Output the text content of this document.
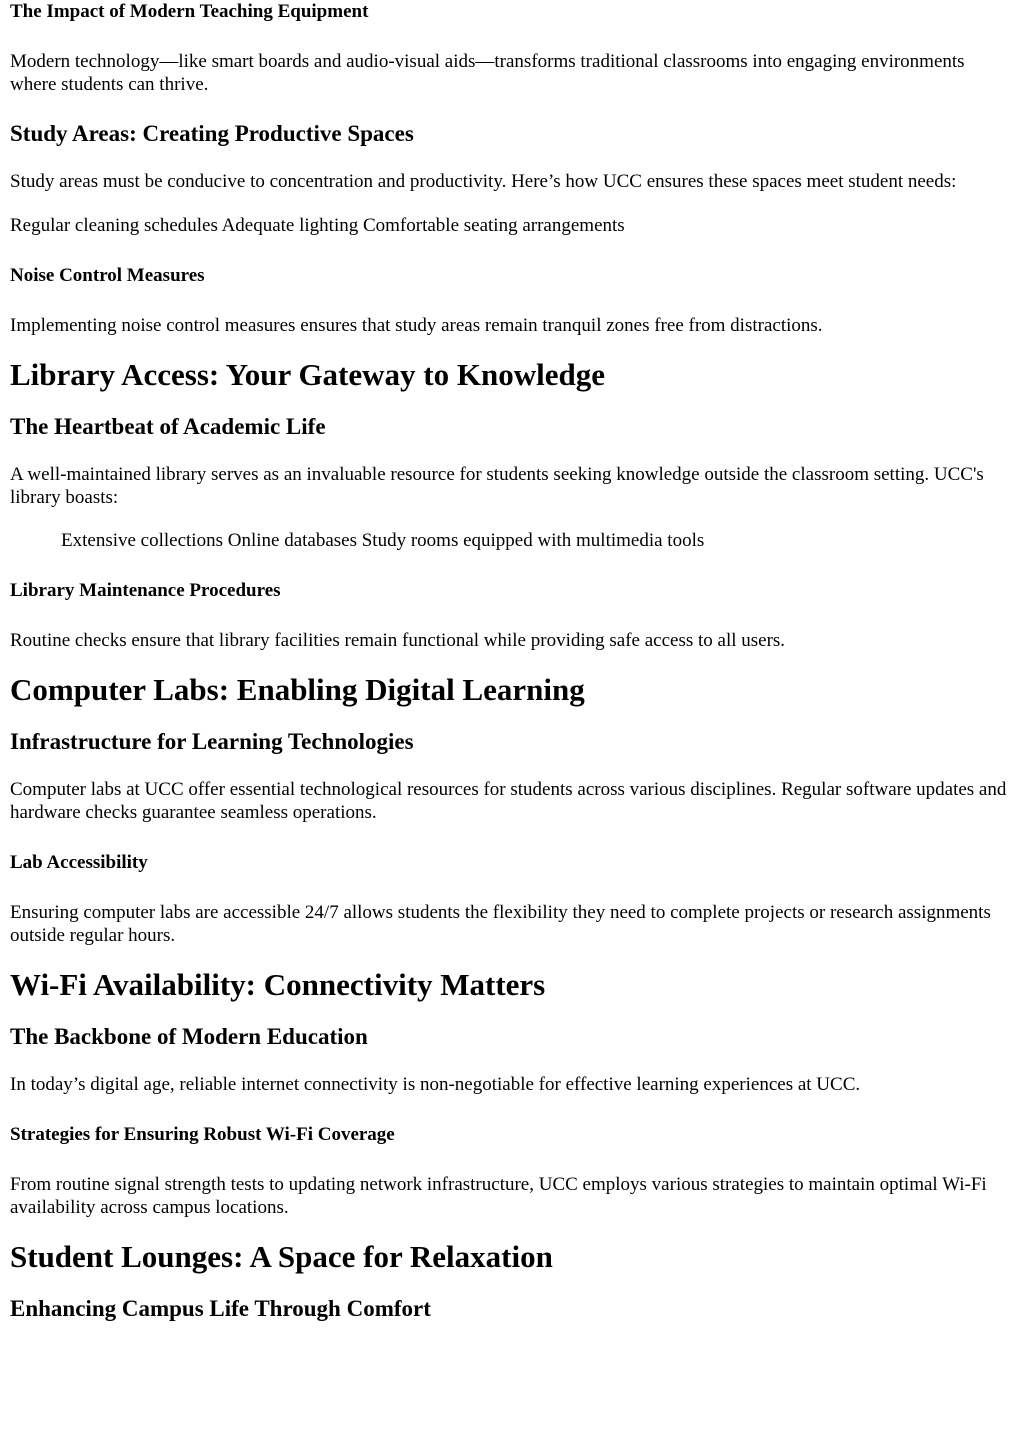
The Impact of Modern Teaching Equipment

Modern technology—like smart boards and audio-visual aids—transforms traditional classrooms into engaging environments where students can thrive.

Study Areas: Creating Productive Spaces

Study areas must be conducive to concentration and productivity. Here’s how UCC ensures these spaces meet student needs:

Regular cleaning schedules Adequate lighting Comfortable seating arrangements

Noise Control Measures

Implementing noise control measures ensures that study areas remain tranquil zones free from distractions.

Library Access: Your Gateway to Knowledge
The Heartbeat of Academic Life

A well-maintained library serves as an invaluable resource for students seeking knowledge outside the classroom setting. UCC's library boasts:

Extensive collections Online databases Study rooms equipped with multimedia tools

Library Maintenance Procedures

Routine checks ensure that library facilities remain functional while providing safe access to all users.

Computer Labs: Enabling Digital Learning
Infrastructure for Learning Technologies

Computer labs at UCC offer essential technological resources for students across various disciplines. Regular software updates and hardware checks guarantee seamless operations.

Lab Accessibility

Ensuring computer labs are accessible 24/7 allows students the flexibility they need to complete projects or research assignments outside regular hours.

Wi-Fi Availability: Connectivity Matters
The Backbone of Modern Education

In today’s digital age, reliable internet connectivity is non-negotiable for effective learning experiences at UCC.

Strategies for Ensuring Robust Wi-Fi Coverage

From routine signal strength tests to updating network infrastructure, UCC employs various strategies to maintain optimal Wi-Fi availability across campus locations.

Student Lounges: A Space for Relaxation
Enhancing Campus Life Through Comfort
